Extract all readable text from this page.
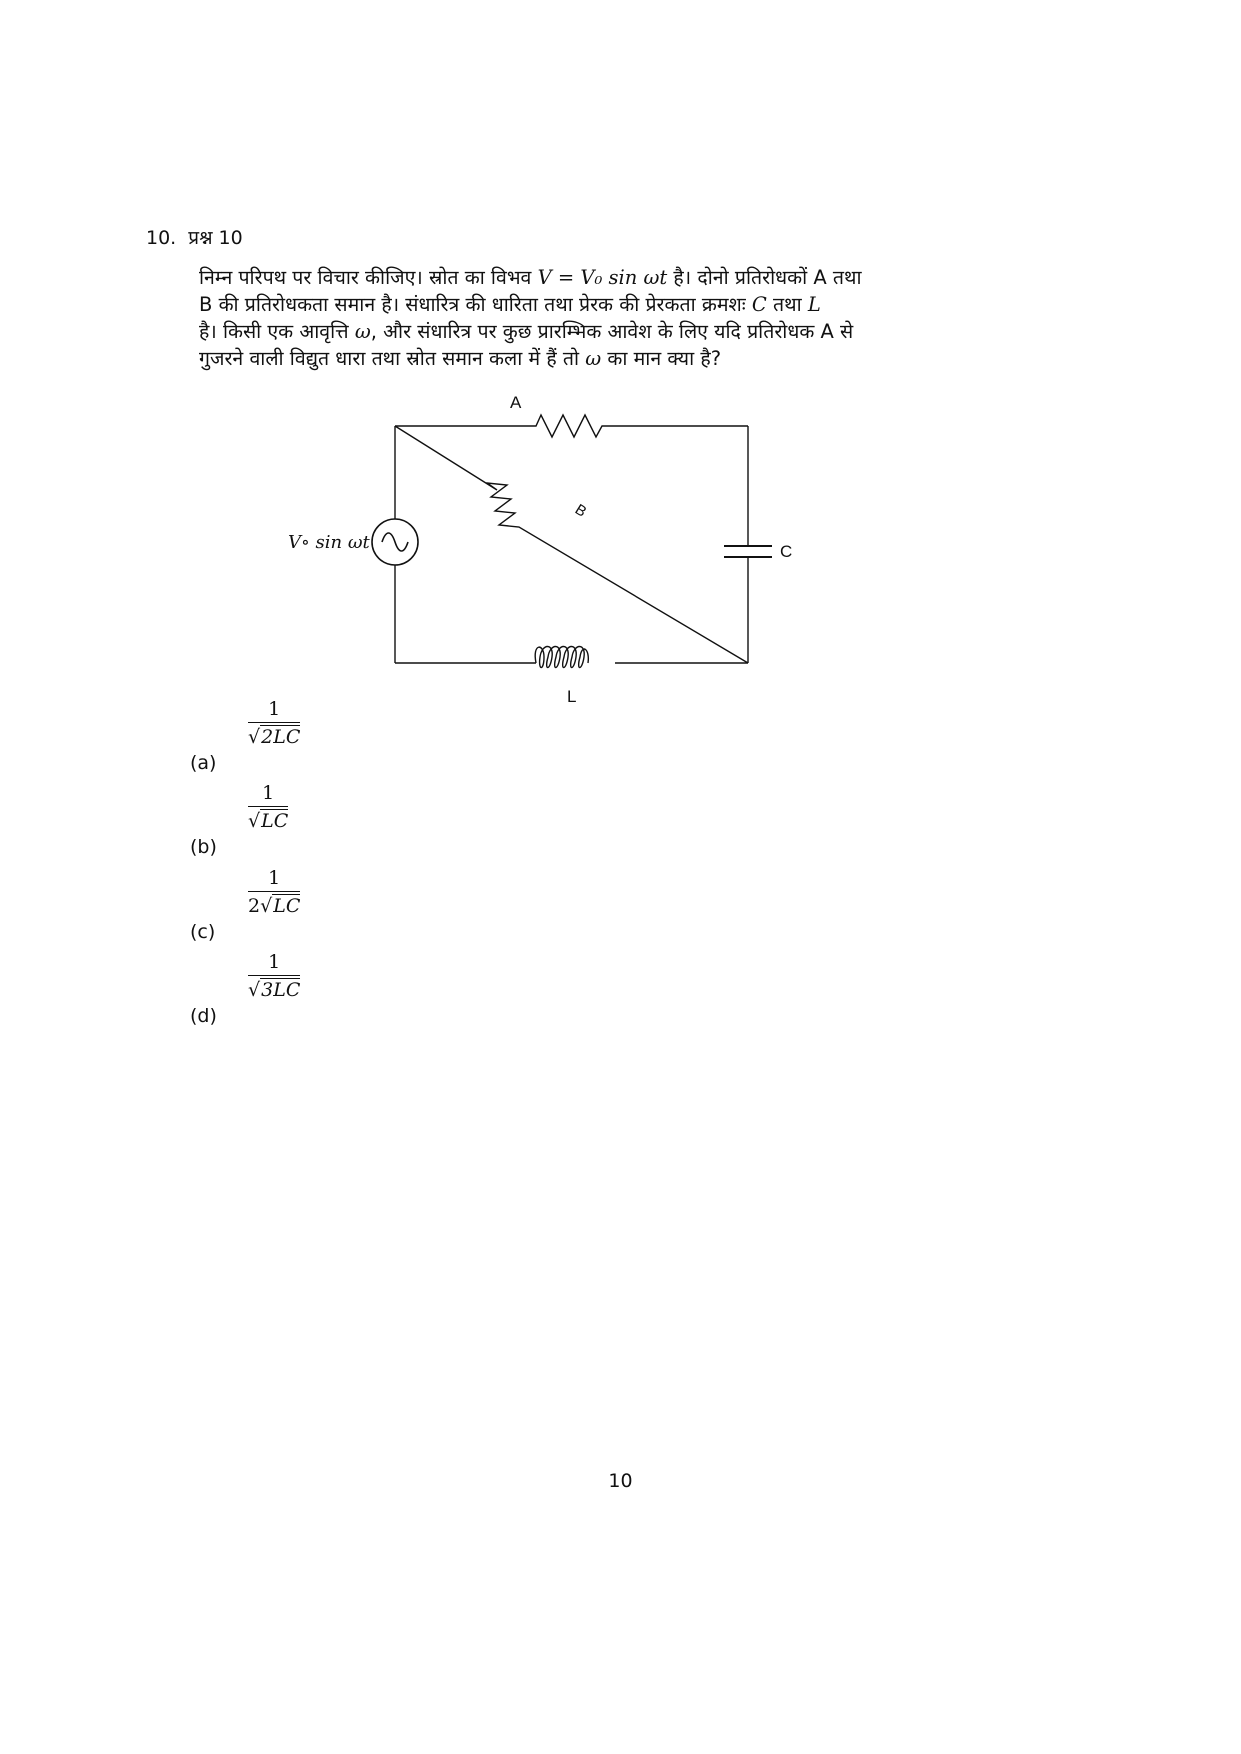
10. प्रश्न 10
निम्न परिपथ पर विचार कीजिए। स्रोत का विभव V = V₀ sin ωt है। दोनो प्रतिरोधकों A तथा
B की प्रतिरोधकता समान है। संधारित्र की धारिता तथा प्रेरक की प्रेरकता क्रमशः C तथा L
है। किसी एक आवृत्ति ω, और संधारित्र पर कुछ प्रारम्भिक आवेश के लिए यदि प्रतिरोधक A से
गुजरने वाली विद्युत धारा तथा स्रोत समान कला में हैं तो ω का मान क्या है?
A
B
C
L
V∘ sin ωt
(a)
1
√2LC
(b)
1
√LC
(c)
1
2√LC
(d)
1
√3LC
10
